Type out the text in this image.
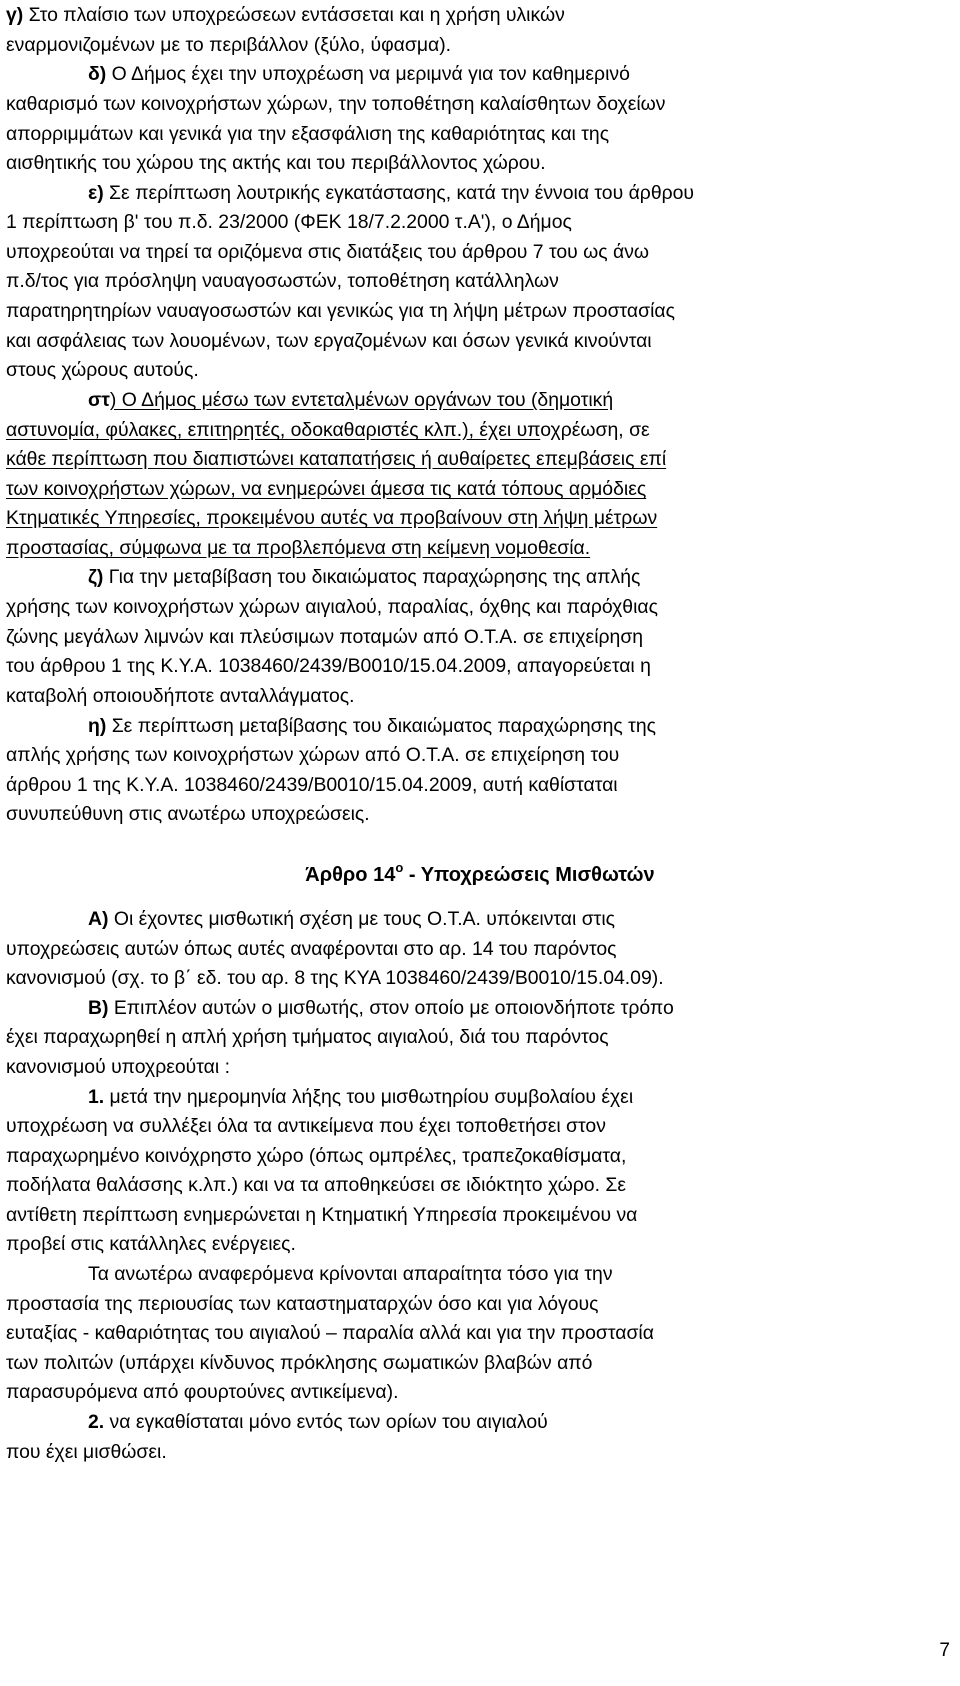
γ) Στο πλαίσιο των υποχρεώσεων εντάσσεται και η χρήση υλικών
εναρμονιζομένων με το περιβάλλον (ξύλο, ύφασμα).
δ) Ο Δήμος έχει την υποχρέωση να μεριμνά για τον καθημερινό
καθαρισμό των κοινοχρήστων χώρων, την τοποθέτηση καλαίσθητων δοχείων
απορριμμάτων και γενικά για την εξασφάλιση της καθαριότητας και της
αισθητικής του χώρου της ακτής και του περιβάλλοντος χώρου.
ε) Σε περίπτωση λουτρικής εγκατάστασης, κατά την έννοια του άρθρου
1 περίπτωση β' του π.δ. 23/2000 (ΦΕΚ 18/7.2.2000 τ.Α'), ο Δήμος
υποχρεούται να τηρεί τα οριζόμενα στις διατάξεις του άρθρου 7 του ως άνω
π.δ/τος για πρόσληψη ναυαγοσωστών, τοποθέτηση κατάλληλων
παρατηρητηρίων ναυαγοσωστών και γενικώς για τη λήψη μέτρων προστασίας
και ασφάλειας των λουομένων, των εργαζομένων και όσων γενικά κινούνται
στους χώρους αυτούς.
στ) Ο Δήμος μέσω των εντεταλμένων οργάνων του (δημοτική
αστυνομία, φύλακες, επιτηρητές, οδοκαθαριστές κλπ.), έχει υποχρέωση, σε
κάθε περίπτωση που διαπιστώνει καταπατήσεις ή αυθαίρετες επεμβάσεις επί
των κοινοχρήστων χώρων, να ενημερώνει άμεσα τις κατά τόπους αρμόδιες
Κτηματικές Υπηρεσίες, προκειμένου αυτές να προβαίνουν στη λήψη μέτρων
προστασίας, σύμφωνα με τα προβλεπόμενα στη κείμενη νομοθεσία.
ζ) Για την μεταβίβαση του δικαιώματος παραχώρησης της απλής
χρήσης των κοινοχρήστων χώρων αιγιαλού, παραλίας, όχθης και παρόχθιας
ζώνης μεγάλων λιμνών και πλεύσιμων ποταμών από Ο.Τ.Α. σε επιχείρηση
του άρθρου 1 της Κ.Υ.Α. 1038460/2439/Β0010/15.04.2009, απαγορεύεται η
καταβολή οποιουδήποτε ανταλλάγματος.
η) Σε περίπτωση μεταβίβασης του δικαιώματος παραχώρησης της
απλής χρήσης των κοινοχρήστων χώρων από Ο.Τ.Α. σε επιχείρηση του
άρθρου 1 της Κ.Υ.Α. 1038460/2439/Β0010/15.04.2009, αυτή καθίσταται
συνυπεύθυνη στις ανωτέρω υποχρεώσεις.
Α) Οι έχοντες μισθωτική σχέση με τους Ο.Τ.Α. υπόκεινται στις
υποχρεώσεις αυτών όπως αυτές αναφέρονται στο αρ. 14 του παρόντος
κανονισμού (σχ. το β΄ εδ. του αρ. 8 της ΚΥΑ 1038460/2439/Β0010/15.04.09).
Β) Επιπλέον αυτών ο μισθωτής, στον οποίο με οποιονδήποτε τρόπο
έχει παραχωρηθεί η απλή χρήση τμήματος αιγιαλού, διά του παρόντος
κανονισμού υποχρεούται :
1. μετά την ημερομηνία λήξης του μισθωτηρίου συμβολαίου έχει
υποχρέωση να συλλέξει όλα τα αντικείμενα που έχει τοποθετήσει στον
παραχωρημένο κοινόχρηστο χώρο (όπως ομπρέλες, τραπεζοκαθίσματα,
ποδήλατα θαλάσσης κ.λπ.) και να τα αποθηκεύσει σε ιδιόκτητο χώρο. Σε
αντίθετη περίπτωση ενημερώνεται η Κτηματική Υπηρεσία προκειμένου να
προβεί στις κατάλληλες ενέργειες.
Τα ανωτέρω αναφερόμενα κρίνονται απαραίτητα τόσο για την
προστασία της περιουσίας των καταστηματαρχών όσο και για λόγους
ευταξίας - καθαριότητας του αιγιαλού – παραλία αλλά και για την προστασία
των πολιτών (υπάρχει κίνδυνος πρόκλησης σωματικών βλαβών από
παρασυρόμενα από φουρτούνες αντικείμενα).
2. να εγκαθίσταται μόνο εντός των ορίων του αιγιαλού
που έχει μισθώσει.
Άρθρο $14^o$ - Υποχρεώσεις Μισθωτών
7
